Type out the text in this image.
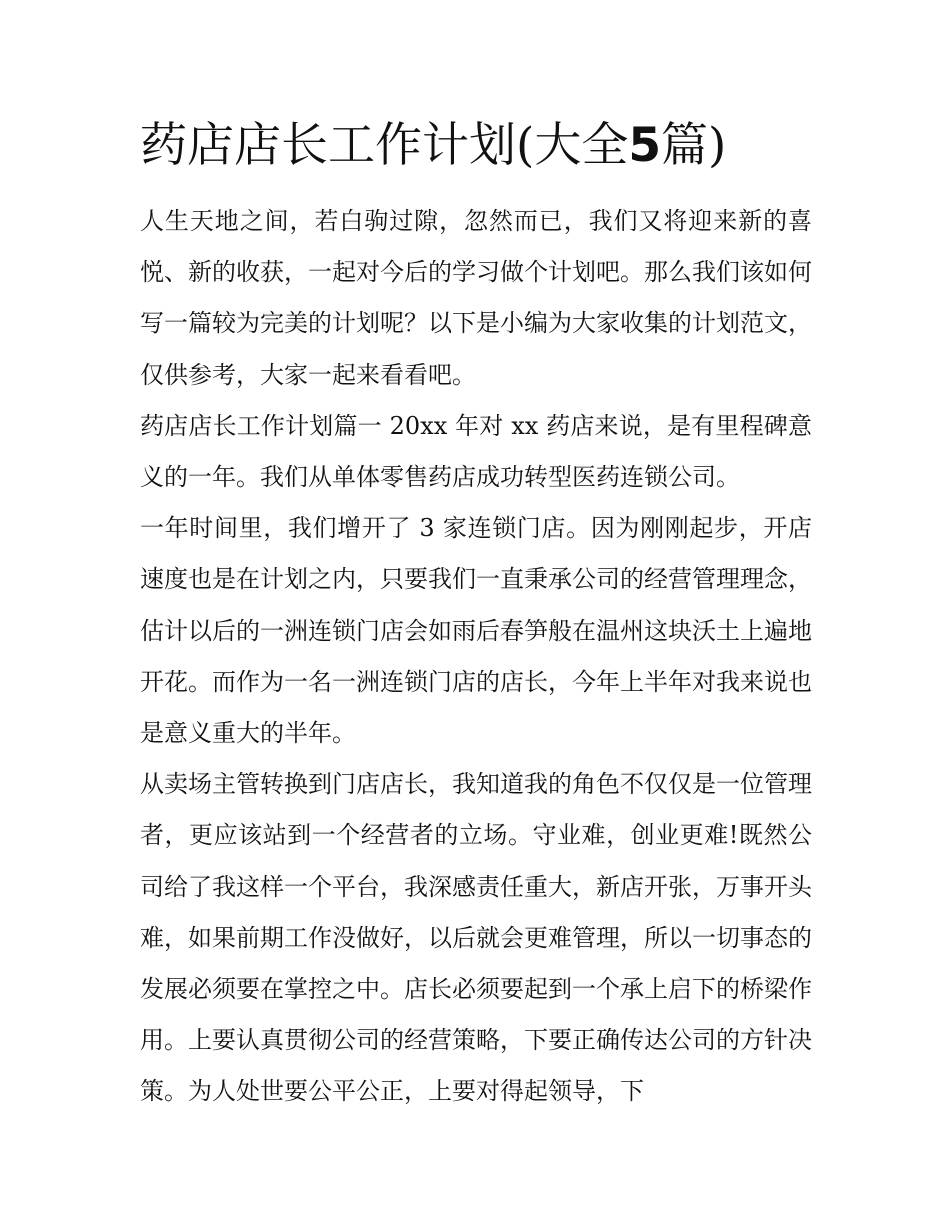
药店店长工作计划(大全5篇)

人生天地之间，若白驹过隙，忽然而已，我们又将迎来新的喜悦、新的收获，一起对今后的学习做个计划吧。那么我们该如何写一篇较为完美的计划呢？以下是小编为大家收集的计划范文，仅供参考，大家一起来看看吧。

药店店长工作计划篇一 20xx 年对 xx 药店来说，是有里程碑意义的一年。我们从单体零售药店成功转型医药连锁公司。

一年时间里，我们增开了 3 家连锁门店。因为刚刚起步，开店速度也是在计划之内，只要我们一直秉承公司的经营管理理念，估计以后的一洲连锁门店会如雨后春笋般在温州这块沃土上遍地开花。而作为一名一洲连锁门店的店长，今年上半年对我来说也是意义重大的半年。

从卖场主管转换到门店店长，我知道我的角色不仅仅是一位管理者，更应该站到一个经营者的立场。守业难，创业更难!既然公司给了我这样一个平台，我深感责任重大，新店开张，万事开头难，如果前期工作没做好，以后就会更难管理，所以一切事态的发展必须要在掌控之中。店长必须要起到一个承上启下的桥梁作用。上要认真贯彻公司的经营策略，下要正确传达公司的方针决策。为人处世要公平公正，上要对得起领导，下
